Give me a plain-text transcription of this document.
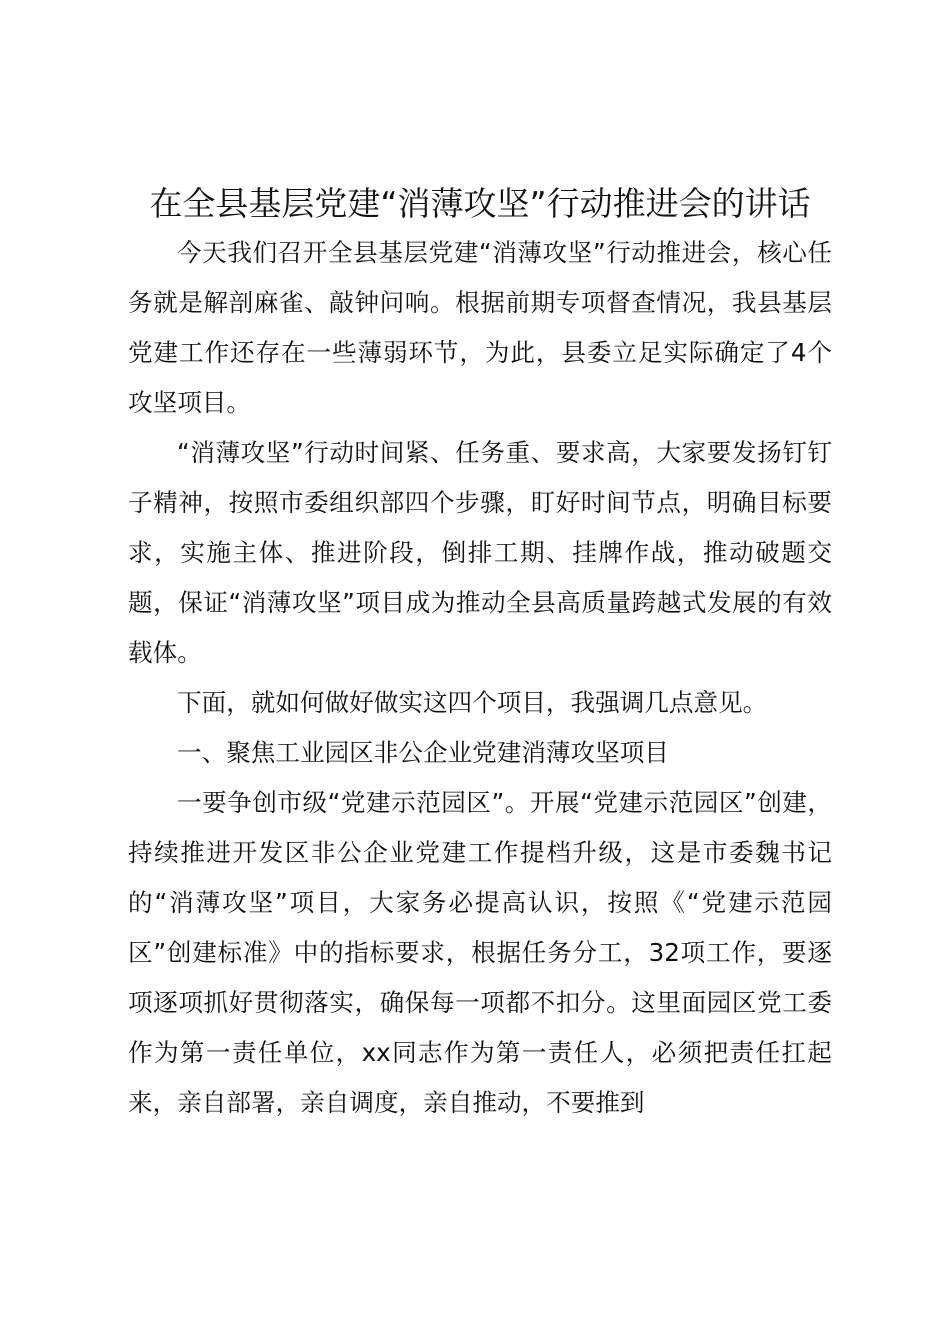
在全县基层党建“消薄攻坚”行动推进会的讲话

今天我们召开全县基层党建“消薄攻坚”行动推进会，核心任务就是解剖麻雀、敲钟问响。根据前期专项督查情况，我县基层党建工作还存在一些薄弱环节，为此，县委立足实际确定了4个攻坚项目。

“消薄攻坚”行动时间紧、任务重、要求高，大家要发扬钉钉子精神，按照市委组织部四个步骤，盯好时间节点，明确目标要求，实施主体、推进阶段，倒排工期、挂牌作战，推动破题交题，保证“消薄攻坚”项目成为推动全县高质量跨越式发展的有效载体。

下面，就如何做好做实这四个项目，我强调几点意见。

一、聚焦工业园区非公企业党建消薄攻坚项目

一要争创市级“党建示范园区”。开展“党建示范园区”创建，持续推进开发区非公企业党建工作提档升级，这是市委魏书记的“消薄攻坚”项目，大家务必提高认识，按照《“党建示范园区”创建标准》中的指标要求，根据任务分工，32项工作，要逐项逐项抓好贯彻落实，确保每一项都不扣分。这里面园区党工委作为第一责任单位，xx同志作为第一责任人，必须把责任扛起来，亲自部署，亲自调度，亲自推动，不要推到
